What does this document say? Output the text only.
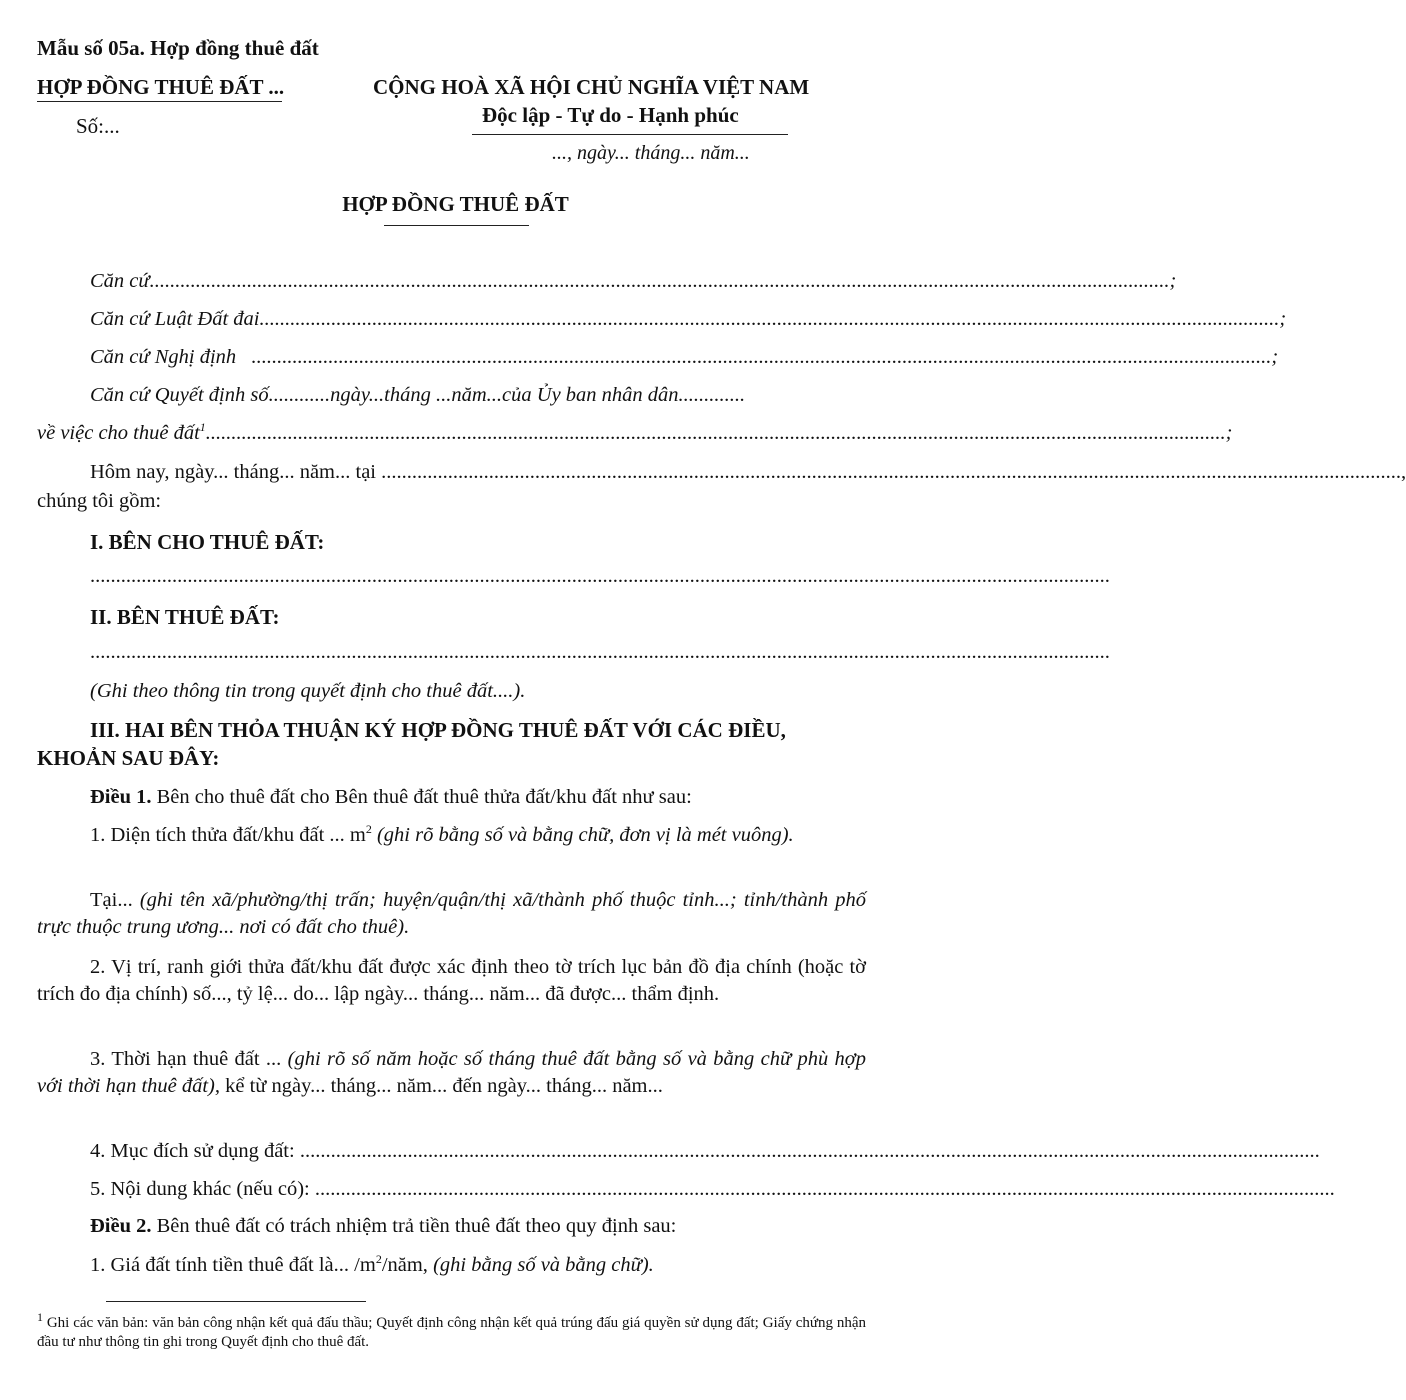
Mẫu số 05a. Hợp đồng thuê đất
HỢP ĐỒNG THUÊ ĐẤT ...
Số:...
CỘNG HOÀ XÃ HỘI CHỦ NGHĨA VIỆT NAM
Độc lập - Tự do - Hạnh phúc
..., ngày... tháng... năm...
HỢP ĐỒNG THUÊ ĐẤT
Căn cứ ....................................................................................................................................................................................................... ;
Căn cứ Luật Đất đai ....................................................................................................................................................................................................... ;
Căn cứ Nghị định ....................................................................................................................................................................................................... ;
Căn cứ Quyết định số............ngày...tháng ...năm...của Ủy ban nhân dân.............
về việc cho thuê đất$^1$ ....................................................................................................................................................................................................... ;
Hôm nay, ngày... tháng... năm... tại ....................................................................................................................................................................................................... ,
chúng tôi gồm:
I. BÊN CHO THUÊ ĐẤT:
.......................................................................................................................................................................................................
II. BÊN THUÊ ĐẤT:
.......................................................................................................................................................................................................
(Ghi theo thông tin trong quyết định cho thuê đất....).
III. HAI BÊN THỎA THUẬN KÝ HỢP ĐỒNG THUÊ ĐẤT VỚI CÁC ĐIỀU,
KHOẢN SAU ĐÂY:
Điều 1. Bên cho thuê đất cho Bên thuê đất thuê thửa đất/khu đất như sau:
1. Diện tích thửa đất/khu đất ... $m^2$ (ghi rõ bằng số và bằng chữ, đơn vị là mét vuông).
Tại... (ghi tên xã/phường/thị trấn; huyện/quận/thị xã/thành phố thuộc tỉnh...; tỉnh/thành phố trực thuộc trung ương... nơi có đất cho thuê).
2. Vị trí, ranh giới thửa đất/khu đất được xác định theo tờ trích lục bản đồ địa chính (hoặc tờ trích đo địa chính) số..., tỷ lệ... do... lập ngày... tháng... năm... đã được... thẩm định.
3. Thời hạn thuê đất ... (ghi rõ số năm hoặc số tháng thuê đất bằng số và bằng chữ phù hợp với thời hạn thuê đất), kể từ ngày... tháng... năm... đến ngày... tháng... năm...
4. Mục đích sử dụng đất: .......................................................................................................................................................................................................
5. Nội dung khác (nếu có): .......................................................................................................................................................................................................
Điều 2. Bên thuê đất có trách nhiệm trả tiền thuê đất theo quy định sau:
1. Giá đất tính tiền thuê đất là... $/m^2$/năm, (ghi bằng số và bằng chữ).
$^1$ Ghi các văn bản: văn bản công nhận kết quả đấu thầu; Quyết định công nhận kết quả trúng đấu giá quyền sử dụng đất; Giấy chứng nhận đầu tư như thông tin ghi trong Quyết định cho thuê đất.
